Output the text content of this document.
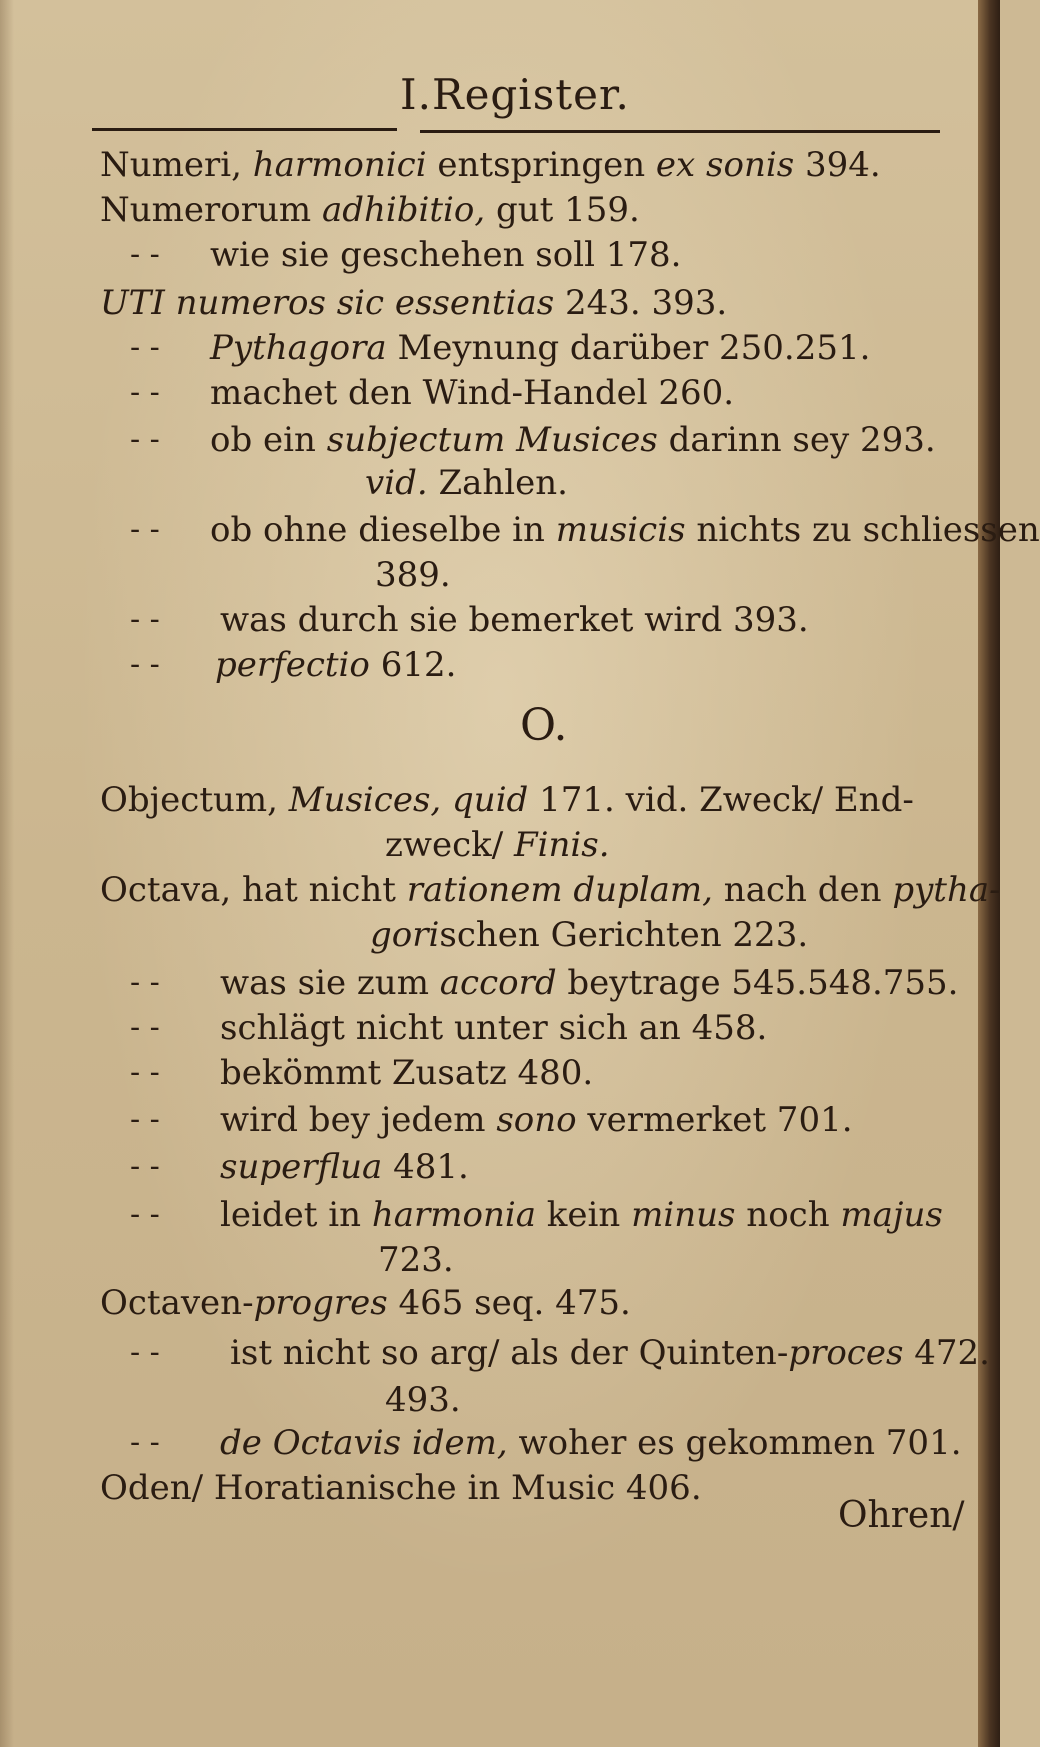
I.Register.
Numeri, harmonici entspringen ex sonis 394.
Numerorum adhibitio, gut 159.
- - wie sie geschehen soll 178.
UTI numeros sic essentias 243. 393.
- - Pythagora Meynung darüber 250.251.
- - machet den Wind-Handel 260.
- - ob ein subjectum Musices darinn sey 293.
vid. Zahlen.
- - ob ohne dieselbe in musicis nichts zu schliessen
389.
- - was durch sie bemerket wird 393.
- - perfectio 612.
Objectum, Musices, quid 171. vid. Zweck/ End-
zweck/ Finis.
Octava, hat nicht rationem duplam, nach den pytha-
gorischen Gerichten 223.
- - was sie zum accord beytrage 545.548.755.
- - schlägt nicht unter sich an 458.
- - bekömmt Zusatz 480.
- - wird bey jedem sono vermerket 701.
- - superflua 481.
- - leidet in harmonia kein minus noch majus
723.
Octaven-progres 465 seq. 475.
- - ist nicht so arg/ als der Quinten-proces 472.
493.
- - de Octavis idem, woher es gekommen 701.
Oden/ Horatianische in Music 406.
O.
Ohren/
